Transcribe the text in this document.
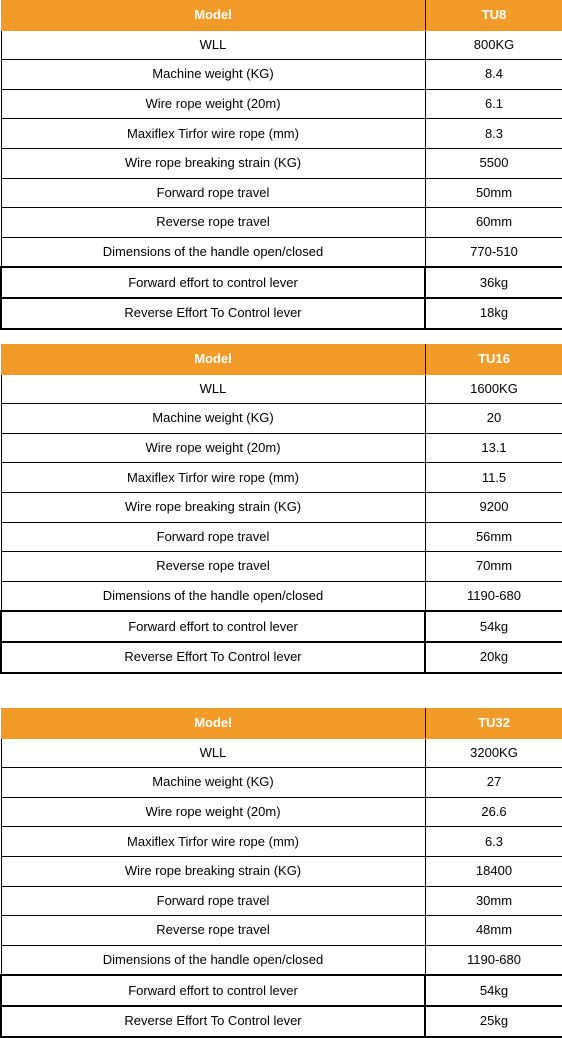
Model	TU8
WLL	800KG
Machine weight (KG)	8.4
Wire rope weight (20m)	6.1
Maxiflex Tirfor wire rope (mm)	8.3
Wire rope breaking strain (KG)	5500
Forward rope travel	50mm
Reverse rope travel	60mm
Dimensions of the handle open/closed	770-510
Forward effort to control lever	36kg
Reverse Effort To Control lever	18kg
Model	TU16
WLL	1600KG
Machine weight (KG)	20
Wire rope weight (20m)	13.1
Maxiflex Tirfor wire rope (mm)	11.5
Wire rope breaking strain (KG)	9200
Forward rope travel	56mm
Reverse rope travel	70mm
Dimensions of the handle open/closed	1190-680
Forward effort to control lever	54kg
Reverse Effort To Control lever	20kg
Model	TU32
WLL	3200KG
Machine weight (KG)	27
Wire rope weight (20m)	26.6
Maxiflex Tirfor wire rope (mm)	6.3
Wire rope breaking strain (KG)	18400
Forward rope travel	30mm
Reverse rope travel	48mm
Dimensions of the handle open/closed	1190-680
Forward effort to control lever	54kg
Reverse Effort To Control lever	25kg
